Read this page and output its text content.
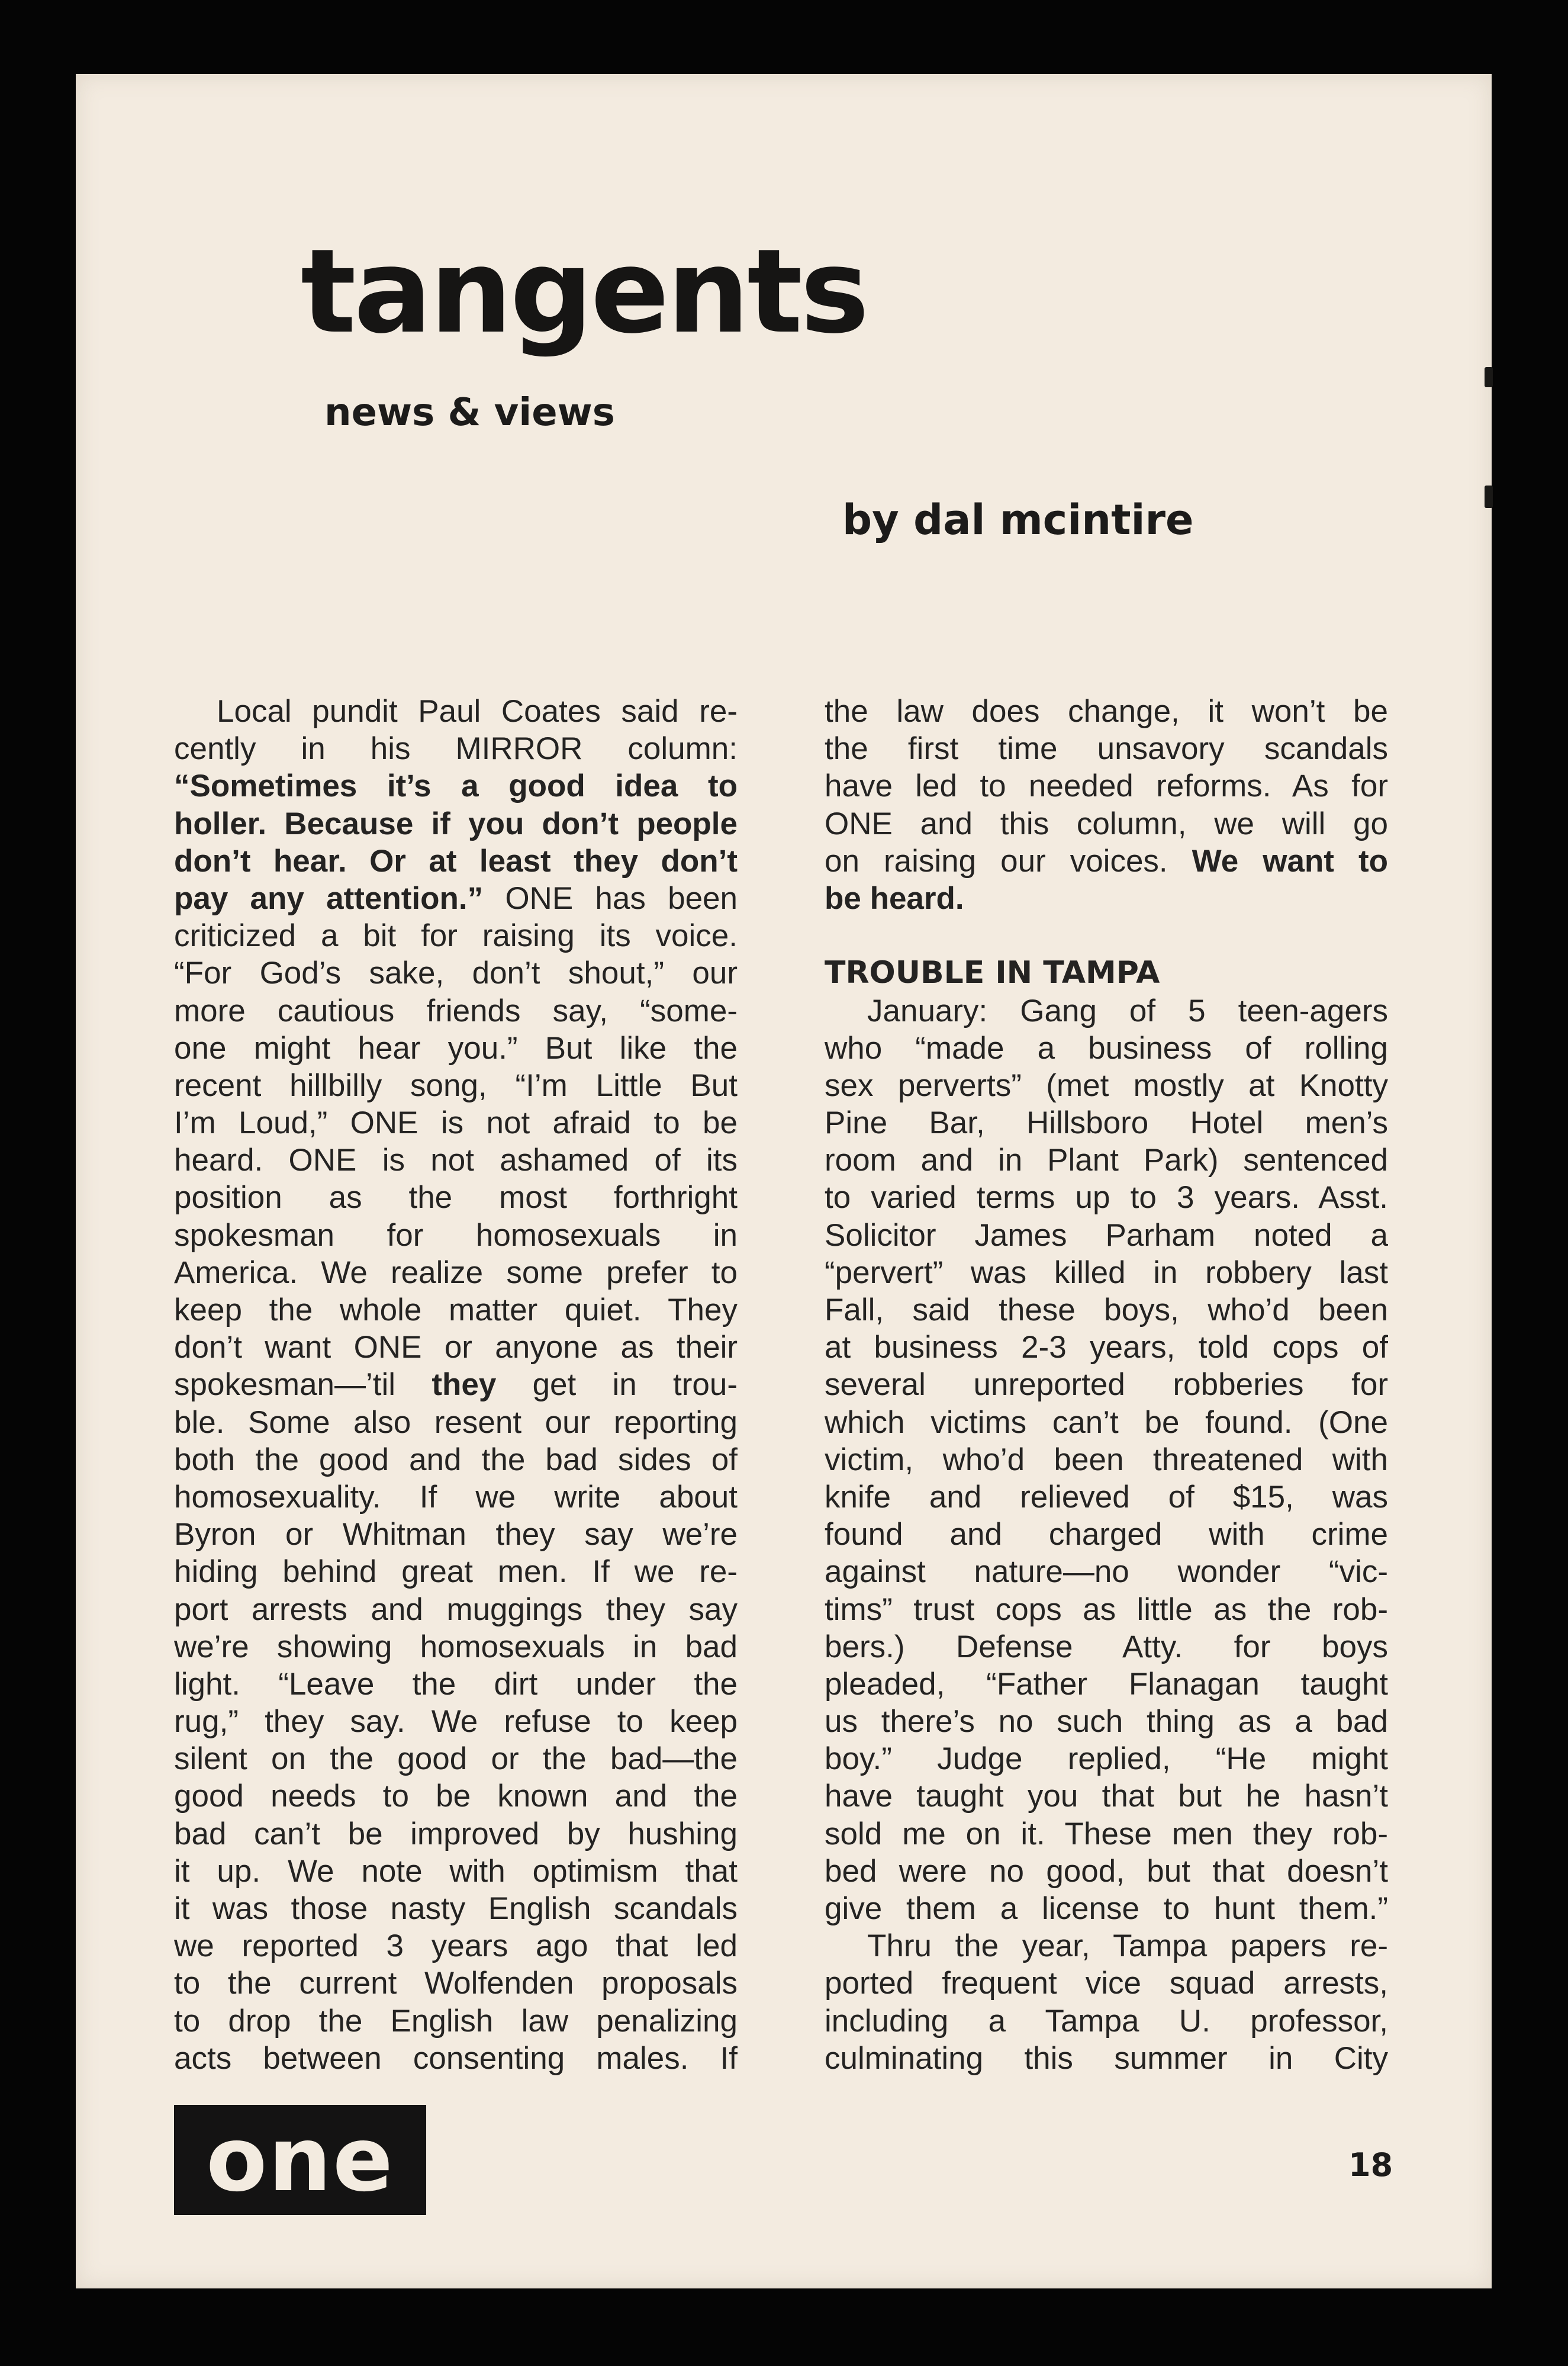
tangents
news & views
by dal mcintire
Local pundit Paul Coates said re-
cently in his MIRROR column:
“Sometimes it’s a good idea to
holler. Because if you don’t people
don’t hear. Or at least they don’t
pay any attention.” ONE has been
criticized a bit for raising its voice.
“For God’s sake, don’t shout,” our
more cautious friends say, “some-
one might hear you.” But like the
recent hillbilly song, “I’m Little But
I’m Loud,” ONE is not afraid to be
heard. ONE is not ashamed of its
position as the most forthright
spokesman for homosexuals in
America. We realize some prefer to
keep the whole matter quiet. They
don’t want ONE or anyone as their
spokesman—’til they get in trou-
ble. Some also resent our reporting
both the good and the bad sides of
homosexuality. If we write about
Byron or Whitman they say we’re
hiding behind great men. If we re-
port arrests and muggings they say
we’re showing homosexuals in bad
light. “Leave the dirt under the
rug,” they say. We refuse to keep
silent on the good or the bad—the
good needs to be known and the
bad can’t be improved by hushing
it up. We note with optimism that
it was those nasty English scandals
we reported 3 years ago that led
to the current Wolfenden proposals
to drop the English law penalizing
acts between consenting males. If
the law does change, it won’t be
the first time unsavory scandals
have led to needed reforms. As for
ONE and this column, we will go
on raising our voices. We want to
be heard.
TROUBLE IN TAMPA
January: Gang of 5 teen-agers
who “made a business of rolling
sex perverts” (met mostly at Knotty
Pine Bar, Hillsboro Hotel men’s
room and in Plant Park) sentenced
to varied terms up to 3 years. Asst.
Solicitor James Parham noted a
“pervert” was killed in robbery last
Fall, said these boys, who’d been
at business 2-3 years, told cops of
several unreported robberies for
which victims can’t be found. (One
victim, who’d been threatened with
knife and relieved of $15, was
found and charged with crime
against nature—no wonder “vic-
tims” trust cops as little as the rob-
bers.) Defense Atty. for boys
pleaded, “Father Flanagan taught
us there’s no such thing as a bad
boy.” Judge replied, “He might
have taught you that but he hasn’t
sold me on it. These men they rob-
bed were no good, but that doesn’t
give them a license to hunt them.”
Thru the year, Tampa papers re-
ported frequent vice squad arrests,
including a Tampa U. professor,
culminating this summer in City
one	18
